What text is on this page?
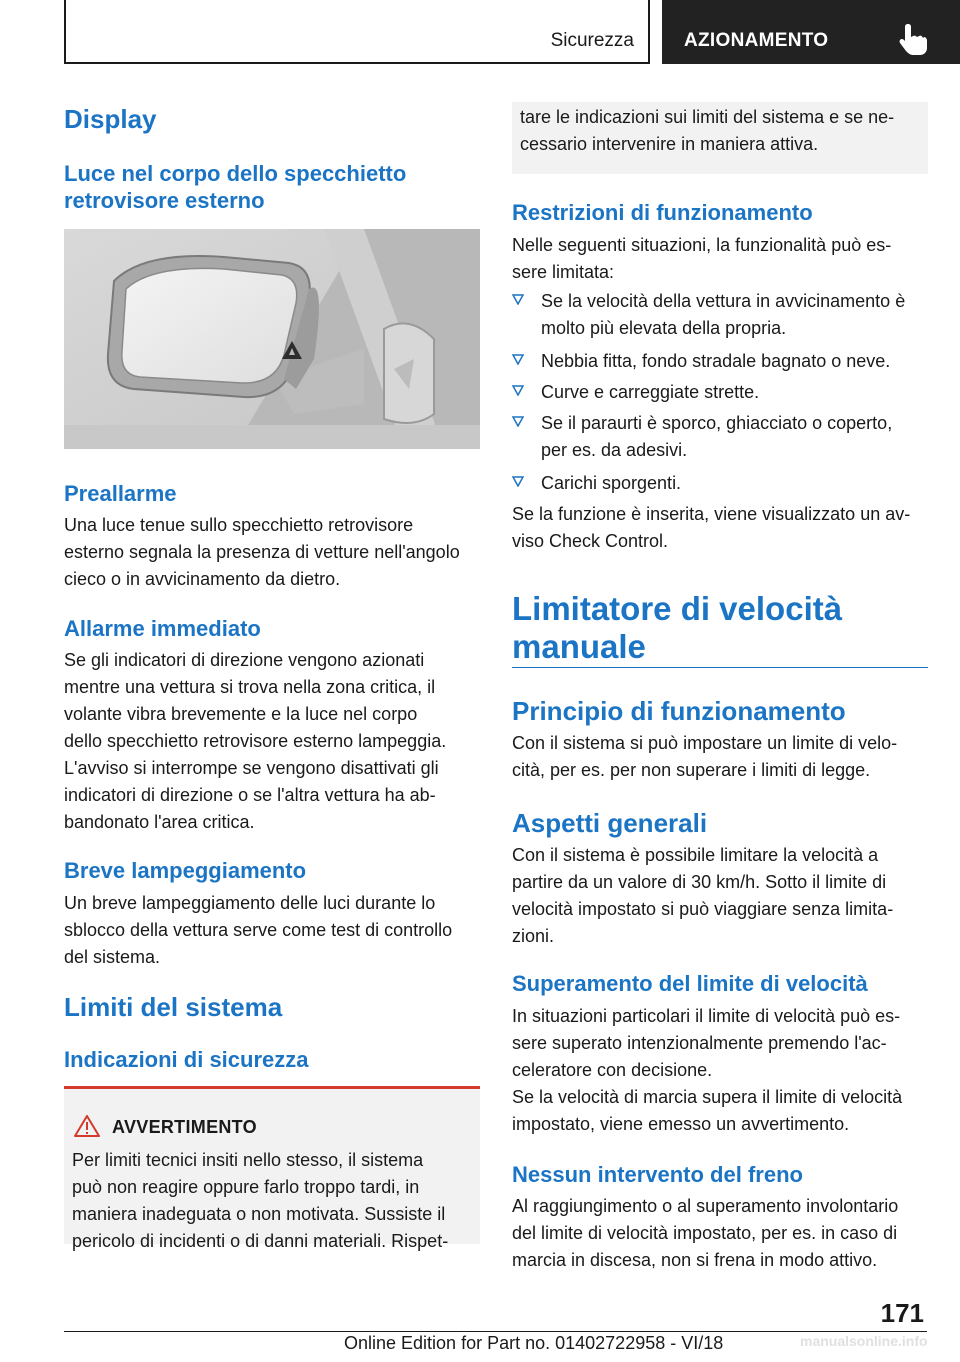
Sicurezza	AZIONAMENTO
Display
Luce nel corpo dello specchietto
retrovisore esterno
Preallarme
Una luce tenue sullo specchietto retrovisore
esterno segnala la presenza di vetture nell'angolo
cieco o in avvicinamento da dietro.
Allarme immediato
Se gli indicatori di direzione vengono azionati
mentre una vettura si trova nella zona critica, il
volante vibra brevemente e la luce nel corpo
dello specchietto retrovisore esterno lampeggia.
L'avviso si interrompe se vengono disattivati gli
indicatori di direzione o se l'altra vettura ha ab-
bandonato l'area critica.
Breve lampeggiamento
Un breve lampeggiamento delle luci durante lo
sblocco della vettura serve come test di controllo
del sistema.
Limiti del sistema
Indicazioni di sicurezza
AVVERTIMENTO
Per limiti tecnici insiti nello stesso, il sistema
può non reagire oppure farlo troppo tardi, in
maniera inadeguata o non motivata. Sussiste il
pericolo di incidenti o di danni materiali. Rispet-
tare le indicazioni sui limiti del sistema e se ne-
cessario intervenire in maniera attiva.
Restrizioni di funzionamento
Nelle seguenti situazioni, la funzionalità può es-
sere limitata:
Se la velocità della vettura in avvicinamento è
molto più elevata della propria.
Nebbia fitta, fondo stradale bagnato o neve.
Curve e carreggiate strette.
Se il paraurti è sporco, ghiacciato o coperto,
per es. da adesivi.
Carichi sporgenti.
Se la funzione è inserita, viene visualizzato un av-
viso Check Control.
Limitatore di velocità
manuale
Principio di funzionamento
Con il sistema si può impostare un limite di velo-
cità, per es. per non superare i limiti di legge.
Aspetti generali
Con il sistema è possibile limitare la velocità a
partire da un valore di 30 km/h. Sotto il limite di
velocità impostato si può viaggiare senza limita-
zioni.
Superamento del limite di velocità
In situazioni particolari il limite di velocità può es-
sere superato intenzionalmente premendo l'ac-
celeratore con decisione.
Se la velocità di marcia supera il limite di velocità
impostato, viene emesso un avvertimento.
Nessun intervento del freno
Al raggiungimento o al superamento involontario
del limite di velocità impostato, per es. in caso di
marcia in discesa, non si frena in modo attivo.
171
Online Edition for Part no. 01402722958 - VI/18	manualsonline.info
